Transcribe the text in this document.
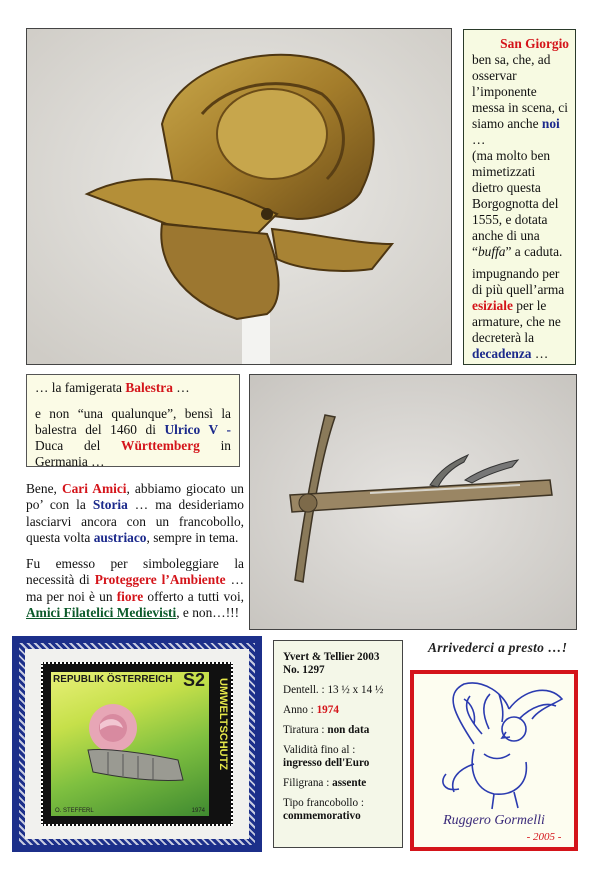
San Giorgio
ben sa, che, ad osservar l’imponente messa in scena, ci siamo anche noi …
(ma molto ben mimetizzati dietro questa Borgognotta del 1555, e dotata anche di una “buffa” a caduta.

impugnando per di più quell’arma esiziale per le armature, che ne decreterà la decadenza …

… la famigerata Balestra …

e non “una qualunque”, bensì la balestra del 1460 di Ulrico V - Duca del Württemberg in Germania …

Bene, Cari Amici, abbiamo giocato un po’ con la Storia … ma desideriamo lasciarvi ancora con un francobollo, questa volta austriaco, sempre in tema.

Fu emesso per simboleggiare la necessità di Proteggere l’Ambiente … ma per noi è un fiore offerto a tutti voi, Amici Filatelici Medievisti, e non…!!!

REPUBLIK ÖSTERREICH S2 UMWELTSCHUTZ
O. STEFFERL	1974
Yvert & Tellier 2003
No. 1297
Dentell. : 13 ½ x 14 ½
Anno : 1974
Tiratura : non data
Validità fino al :
ingresso dell'Euro
Filigrana : assente
Tipo francobollo :
commemorativo
Arrivederci a presto …!
Ruggero Gormelli
- 2005 -
